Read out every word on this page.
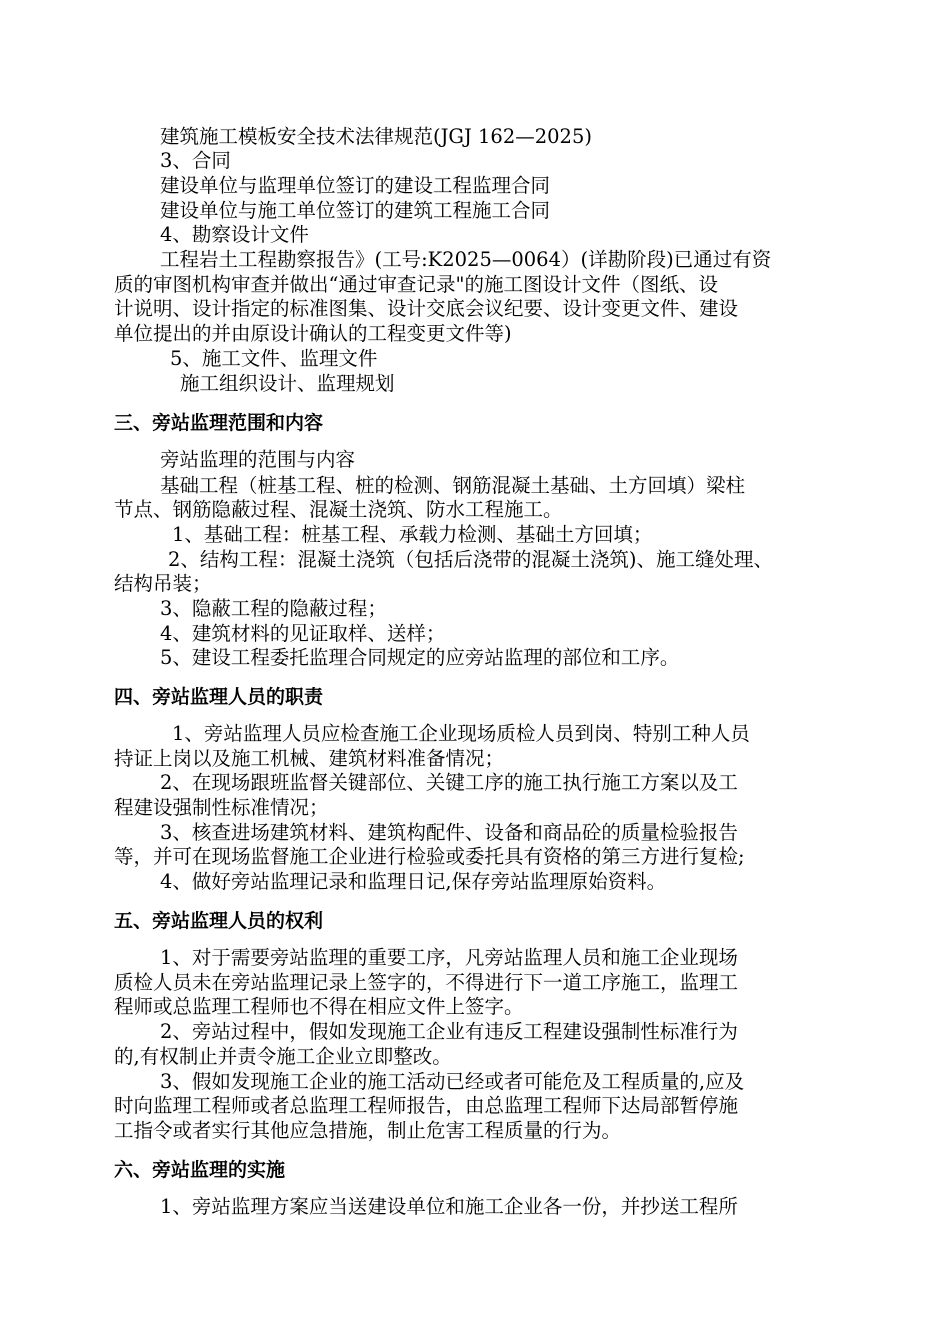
建筑施工模板安全技术法律规范(JGJ 162—2025)
3、合同
建设单位与监理单位签订的建设工程监理合同
建设单位与施工单位签订的建筑工程施工合同
4、勘察设计文件
工程岩土工程勘察报告》(工号:K2025—0064）(详勘阶段)已通过有资
质的审图机构审查并做出“通过审查记录"的施工图设计文件（图纸、设
计说明、设计指定的标准图集、设计交底会议纪要、设计变更文件、建设
单位提出的并由原设计确认的工程变更文件等)
5、施工文件、监理文件
施工组织设计、监理规划
三、旁站监理范围和内容
旁站监理的范围与内容
基础工程（桩基工程、桩的检测、钢筋混凝土基础、土方回填）梁柱
节点、钢筋隐蔽过程、混凝土浇筑、防水工程施工。
1、基础工程：桩基工程、承载力检测、基础土方回填；
2、结构工程：混凝土浇筑（包括后浇带的混凝土浇筑)、施工缝处理、
结构吊装；
3、隐蔽工程的隐蔽过程；
4、建筑材料的见证取样、送样；
5、建设工程委托监理合同规定的应旁站监理的部位和工序。
四、旁站监理人员的职责
1、旁站监理人员应检查施工企业现场质检人员到岗、特别工种人员
持证上岗以及施工机械、建筑材料准备情况；
2、在现场跟班监督关键部位、关键工序的施工执行施工方案以及工
程建设强制性标准情况；
3、核查进场建筑材料、建筑构配件、设备和商品砼的质量检验报告
等，并可在现场监督施工企业进行检验或委托具有资格的第三方进行复检;
4、做好旁站监理记录和监理日记,保存旁站监理原始资料。
五、旁站监理人员的权利
1、对于需要旁站监理的重要工序，凡旁站监理人员和施工企业现场
质检人员未在旁站监理记录上签字的，不得进行下一道工序施工，监理工
程师或总监理工程师也不得在相应文件上签字。
2、旁站过程中，假如发现施工企业有违反工程建设强制性标准行为
的,有权制止并责令施工企业立即整改。
3、假如发现施工企业的施工活动已经或者可能危及工程质量的,应及
时向监理工程师或者总监理工程师报告，由总监理工程师下达局部暂停施
工指令或者实行其他应急措施，制止危害工程质量的行为。
六、旁站监理的实施
1、旁站监理方案应当送建设单位和施工企业各一份，并抄送工程所
